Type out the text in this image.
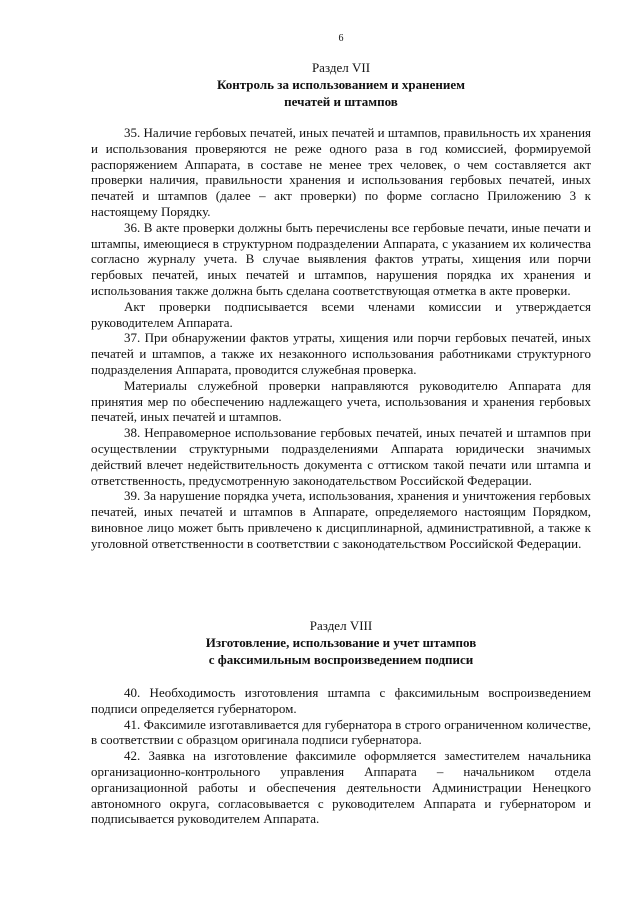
6
Раздел VII
Контроль за использованием и хранением
печатей и штампов

35. Наличие гербовых печатей, иных печатей и штампов, правильность их хранения и использования проверяются не реже одного раза в год комиссией, формируемой распоряжением Аппарата, в составе не менее трех человек, о чем составляется акт проверки наличия, правильности хранения и использования гербовых печатей, иных печатей и штампов (далее – акт проверки) по форме согласно Приложению 3 к настоящему Порядку.

36. В акте проверки должны быть перечислены все гербовые печати, иные печати и штампы, имеющиеся в структурном подразделении Аппарата, с указанием их количества согласно журналу учета. В случае выявления фактов утраты, хищения или порчи гербовых печатей, иных печатей и штампов, нарушения порядка их хранения и использования также должна быть сделана соответствующая отметка в акте проверки.

Акт проверки подписывается всеми членами комиссии и утверждается руководителем Аппарата.

37. При обнаружении фактов утраты, хищения или порчи гербовых печатей, иных печатей и штампов, а также их незаконного использования работниками структурного подразделения Аппарата, проводится служебная проверка.

Материалы служебной проверки направляются руководителю Аппарата для принятия мер по обеспечению надлежащего учета, использования и хранения гербовых печатей, иных печатей и штампов.

38. Неправомерное использование гербовых печатей, иных печатей и штампов при осуществлении структурными подразделениями Аппарата юридически значимых действий влечет недействительность документа с оттиском такой печати или штампа и ответственность, предусмотренную законодательством Российской Федерации.

39. За нарушение порядка учета, использования, хранения и уничтожения гербовых печатей, иных печатей и штампов в Аппарате, определяемого настоящим Порядком, виновное лицо может быть привлечено к дисциплинарной, административной, а также к уголовной ответственности в соответствии с законодательством Российской Федерации.

Раздел VIII
Изготовление, использование и учет штампов
с факсимильным воспроизведением подписи

40. Необходимость изготовления штампа с факсимильным воспроизведением подписи определяется губернатором.

41. Факсимиле изготавливается для губернатора в строго ограниченном количестве, в соответствии с образцом оригинала подписи губернатора.

42. Заявка на изготовление факсимиле оформляется заместителем начальника организационно-контрольного управления Аппарата – начальником отдела организационной работы и обеспечения деятельности Администрации Ненецкого автономного округа, согласовывается с руководителем Аппарата и губернатором и подписывается руководителем Аппарата.
